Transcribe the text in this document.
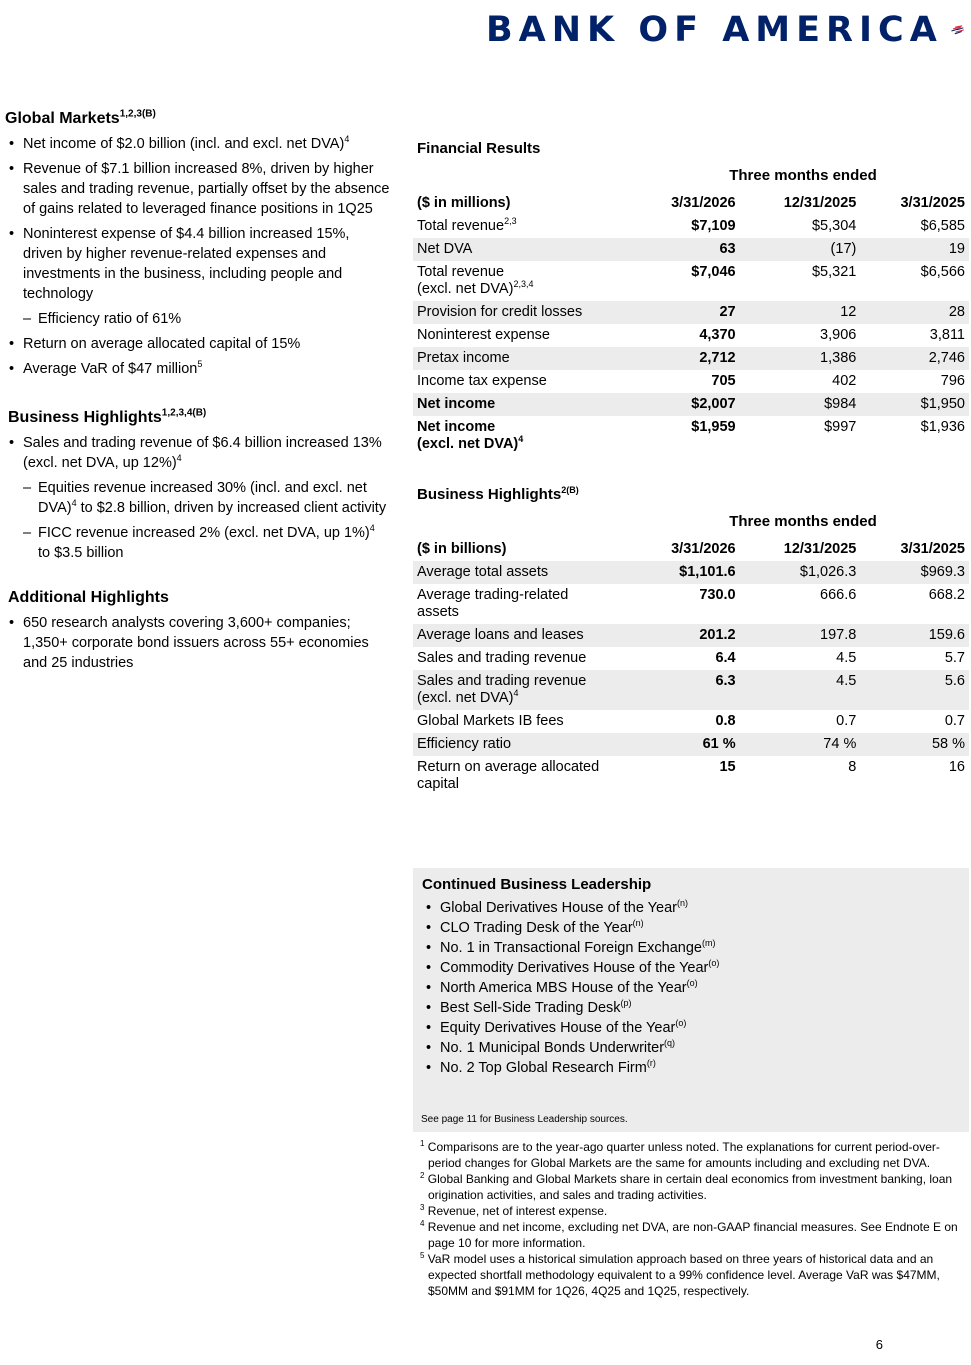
BANK OF AMERICA
Global Markets$^{1,2,3(B)}$
• Net income of $2.0 billion (incl. and excl. net DVA)$^4$
• Revenue of $7.1 billion increased 8%, driven by higher sales and trading revenue, partially offset by the absence of gains related to leveraged finance positions in 1Q25
• Noninterest expense of $4.4 billion increased 15%, driven by higher revenue-related expenses and investments in the business, including people and technology
– Efficiency ratio of 61%
• Return on average allocated capital of 15%
• Average VaR of $47 million$^5$
Business Highlights$^{1,2,3,4(B)}$
• Sales and trading revenue of $6.4 billion increased 13% (excl. net DVA, up 12%)$^4$
– Equities revenue increased 30% (incl. and excl. net DVA)$^4$ to $2.8 billion, driven by increased client activity
– FICC revenue increased 2% (excl. net DVA, up 1%)$^4$ to $3.5 billion
Additional Highlights
• 650 research analysts covering 3,600+ companies; 1,350+ corporate bond issuers across 55+ economies and 25 industries
Financial Results
Three months ended
($ in millions)	3/31/2026	12/31/2025	3/31/2025
Total revenue$^{2,3}$	$7,109	$5,304	$6,585
Net DVA	63	(17)	19
Total revenue
(excl. net DVA)$^{2,3,4}$	$7,046	$5,321	$6,566
Provision for credit losses	27	12	28
Noninterest expense	4,370	3,906	3,811
Pretax income	2,712	1,386	2,746
Income tax expense	705	402	796
Net income	$2,007	$984	$1,950
Net income
(excl. net DVA)$^4$	$1,959	$997	$1,936
Business Highlights$^{2(B)}$
Three months ended
($ in billions)	3/31/2026	12/31/2025	3/31/2025
Average total assets	$1,101.6	$1,026.3	$969.3
Average trading-related
assets	730.0	666.6	668.2
Average loans and leases	201.2	197.8	159.6
Sales and trading revenue	6.4	4.5	5.7
Sales and trading revenue
(excl. net DVA)$^4$	6.3	4.5	5.6
Global Markets IB fees	0.8	0.7	0.7
Efficiency ratio	61 %	74 %	58 %
Return on average allocated
capital	15	8	16
Continued Business Leadership
• Global Derivatives House of the Year$^{(n)}$
• CLO Trading Desk of the Year$^{(n)}$
• No. 1 in Transactional Foreign Exchange$^{(m)}$
• Commodity Derivatives House of the Year$^{(o)}$
• North America MBS House of the Year$^{(o)}$
• Best Sell-Side Trading Desk$^{(p)}$
• Equity Derivatives House of the Year$^{(o)}$
• No. 1 Municipal Bonds Underwriter$^{(q)}$
• No. 2 Top Global Research Firm$^{(r)}$
See page 11 for Business Leadership sources.

$^1$ Comparisons are to the year-ago quarter unless noted. The explanations for current period-over-period changes for Global Markets are the same for amounts including and excluding net DVA.

$^2$ Global Banking and Global Markets share in certain deal economics from investment banking, loan origination activities, and sales and trading activities.

$^3$ Revenue, net of interest expense.

$^4$ Revenue and net income, excluding net DVA, are non-GAAP financial measures. See Endnote E on page 10 for more information.

$^5$ VaR model uses a historical simulation approach based on three years of historical data and an expected shortfall methodology equivalent to a 99% confidence level. Average VaR was $47MM, $50MM and $91MM for 1Q26, 4Q25 and 1Q25, respectively.

6
